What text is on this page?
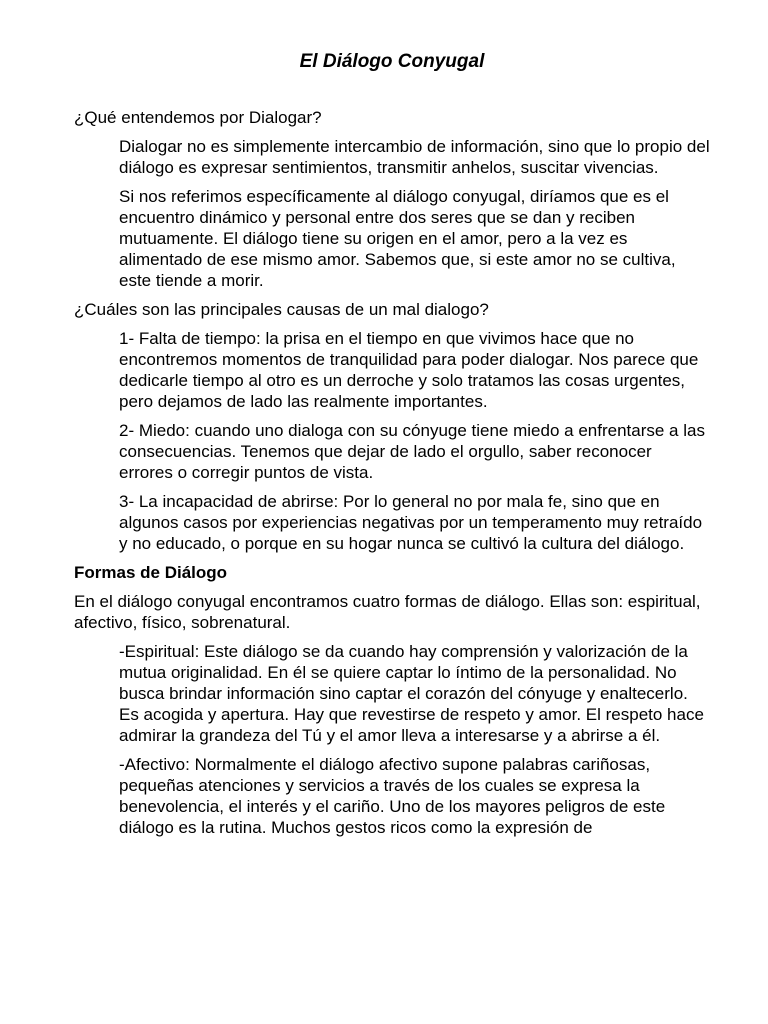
El Diálogo Conyugal

¿Qué entendemos por Dialogar?

Dialogar no es simplemente intercambio de información, sino que lo propio del diálogo es expresar sentimientos, transmitir anhelos, suscitar vivencias.

Si nos referimos específicamente al diálogo conyugal, diríamos que es el encuentro dinámico y personal entre dos seres que se dan y reciben mutuamente. El diálogo tiene su origen en el amor, pero a la vez es alimentado de ese mismo amor. Sabemos que, si este amor no se cultiva, este tiende a morir.

¿Cuáles son las principales causas de un mal dialogo?

1- Falta de tiempo: la prisa en el tiempo en que vivimos hace que no encontremos momentos de tranquilidad para poder dialogar. Nos parece que dedicarle tiempo al otro es un derroche y solo tratamos las cosas urgentes, pero dejamos de lado las realmente importantes.

2- Miedo: cuando uno dialoga con su cónyuge tiene miedo a enfrentarse a las consecuencias. Tenemos que dejar de lado el orgullo, saber reconocer errores o corregir puntos de vista.

3- La incapacidad de abrirse: Por lo general no por mala fe, sino que en algunos casos por experiencias negativas por un temperamento muy retraído y no educado, o porque en su hogar nunca se cultivó la cultura del diálogo.

Formas de Diálogo

En el diálogo conyugal encontramos cuatro formas de diálogo. Ellas son: espiritual, afectivo, físico, sobrenatural.

-Espiritual: Este diálogo se da cuando hay comprensión y valorización de la mutua originalidad. En él se quiere captar lo íntimo de la personalidad. No busca brindar información sino captar el corazón del cónyuge y enaltecerlo. Es acogida y apertura. Hay que revestirse de respeto y amor. El respeto hace admirar la grandeza del Tú y el amor lleva a interesarse y a abrirse a él.

-Afectivo: Normalmente el diálogo afectivo supone palabras cariñosas, pequeñas atenciones y servicios a través de los cuales se expresa la benevolencia, el interés y el cariño. Uno de los mayores peligros de este diálogo es la rutina. Muchos gestos ricos como la expresión de
